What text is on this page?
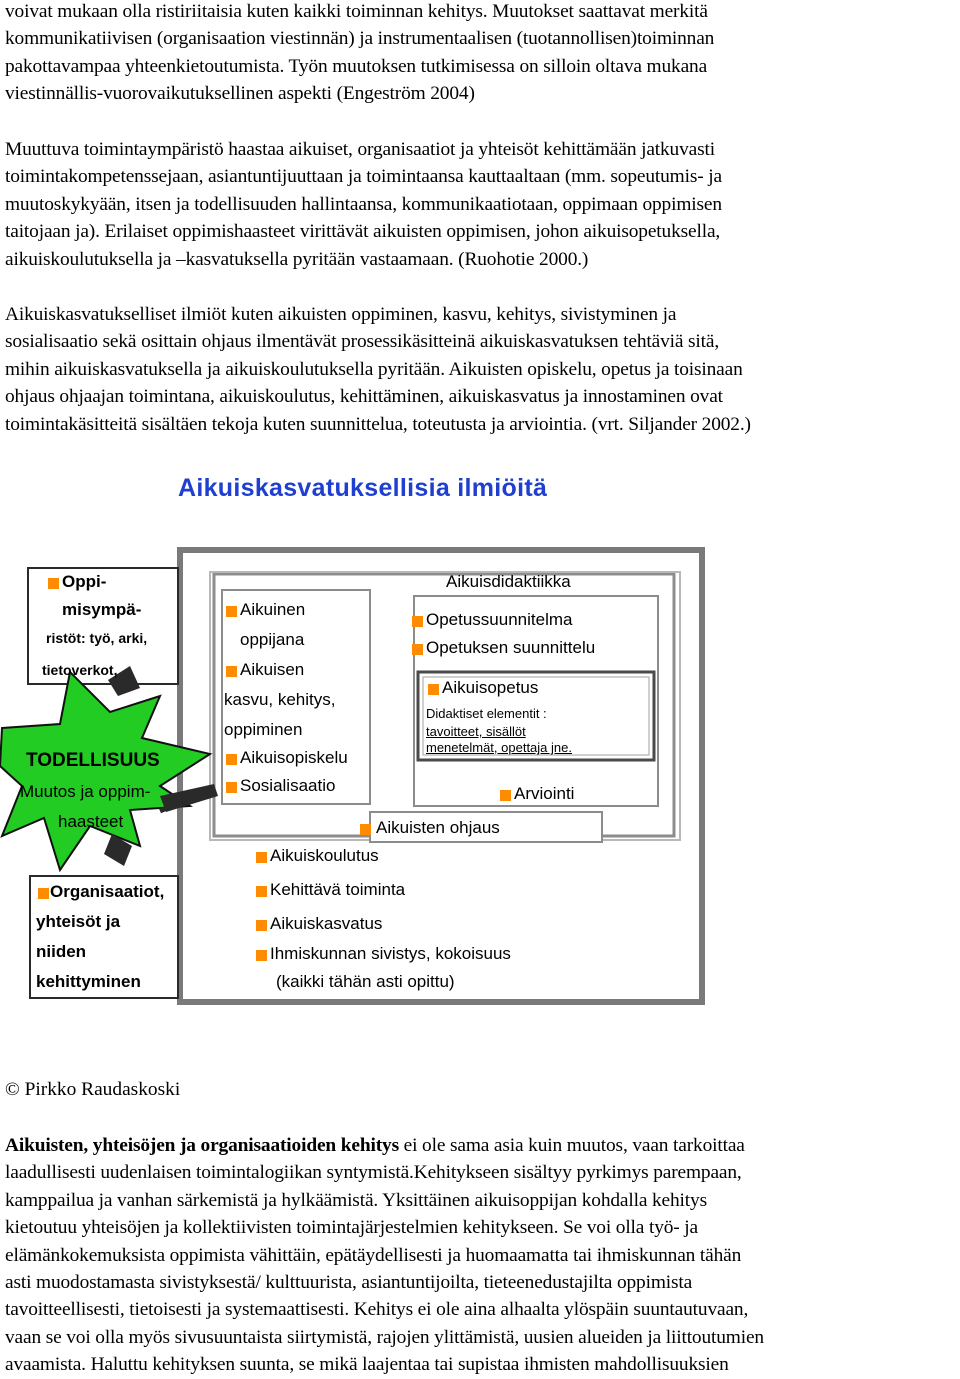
voivat mukaan olla ristiriitaisia kuten kaikki toiminnan kehitys. Muutokset saattavat merkitä
kommunikatiivisen (organisaation viestinnän) ja instrumentaalisen (tuotannollisen)toiminnan
pakottavampaa yhteenkietoutumista. Työn muutoksen tutkimisessa on silloin oltava mukana
viestinnällis-vuorovaikutuksellinen aspekti (Engeström 2004)
Muuttuva toimintaympäristö haastaa aikuiset, organisaatiot ja yhteisöt kehittämään jatkuvasti
toimintakompetenssejaan, asiantuntijuuttaan ja toimintaansa kauttaaltaan (mm. sopeutumis- ja
muutoskykyään, itsen ja todellisuuden hallintaansa, kommunikaatiotaan, oppimaan oppimisen
taitojaan ja). Erilaiset oppimishaasteet virittävät aikuisten oppimisen, johon aikuisopetuksella,
aikuiskoulutuksella ja –kasvatuksella pyritään vastaamaan. (Ruohotie 2000.)
Aikuiskasvatukselliset ilmiöt kuten aikuisten oppiminen, kasvu, kehitys, sivistyminen ja
sosialisaatio sekä osittain ohjaus ilmentävät prosessikäsitteinä aikuiskasvatuksen tehtäviä sitä,
mihin aikuiskasvatuksella ja aikuiskoulutuksella pyritään. Aikuisten opiskelu, opetus ja toisinaan
ohjaus ohjaajan toimintana, aikuiskoulutus, kehittäminen, aikuiskasvatus ja innostaminen ovat
toimintakäsitteitä sisältäen tekoja kuten suunnittelua, toteutusta ja arviointia. (vrt. Siljander 2002.)
Aikuiskasvatuksellisia ilmiöitä
Oppi-
misympä-
ristöt: työ, arki,
tietoverkot,
TODELLISUUS
Muutos ja oppim-
haasteet
Organisaatiot,
yhteisöt ja
niiden
kehittyminen
Aikuisdidaktiikka
Aikuinen
oppijana
Aikuisen
kasvu, kehitys,
oppiminen
Aikuisopiskelu
Sosialisaatio
Opetussuunnitelma
Opetuksen suunnittelu
Aikuisopetus
Didaktiset elementit :
tavoitteet, sisällöt
menetelmät, opettaja jne.
Arviointi
Aikuisten ohjaus
Aikuiskoulutus
Kehittävä toiminta
Aikuiskasvatus
Ihmiskunnan sivistys, kokoisuus
(kaikki tähän asti opittu)
© Pirkko Raudaskoski
Aikuisten, yhteisöjen ja organisaatioiden kehitys ei ole sama asia kuin muutos, vaan tarkoittaa
laadullisesti uudenlaisen toimintalogiikan syntymistä.Kehitykseen sisältyy pyrkimys parempaan,
kamppailua ja vanhan särkemistä ja hylkäämistä. Yksittäinen aikuisoppijan kohdalla kehitys
kietoutuu yhteisöjen ja kollektiivisten toimintajärjestelmien kehitykseen. Se voi olla työ- ja
elämänkokemuksista oppimista vähittäin, epätäydellisesti ja huomaamatta tai ihmiskunnan tähän
asti muodostamasta sivistyksestä/ kulttuurista, asiantuntijoilta, tieteenedustajilta oppimista
tavoitteellisesti, tietoisesti ja systemaattisesti. Kehitys ei ole aina alhaalta ylöspäin suuntautuvaan,
vaan se voi olla myös sivusuuntaista siirtymistä, rajojen ylittämistä, uusien alueiden ja liittoutumien
avaamista. Haluttu kehityksen suunta, se mikä laajentaa tai supistaa ihmisten mahdollisuuksien
